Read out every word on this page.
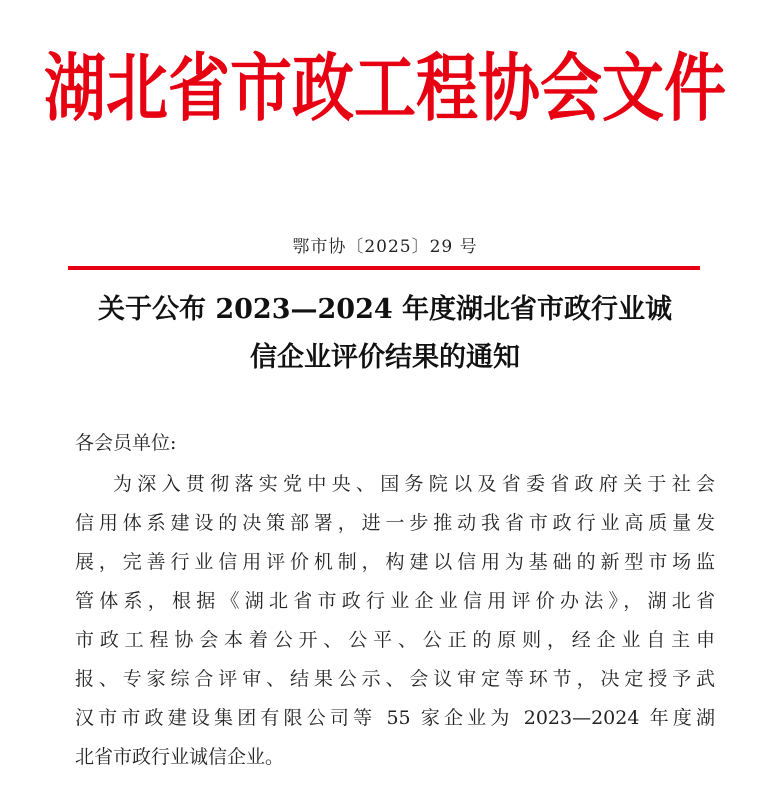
湖北省市政工程协会文件
鄂市协〔2025〕29 号
关于公布 2023—2024 年度湖北省市政行业诚
信企业评价结果的通知
各会员单位:
为深入贯彻落实党中央、国务院以及省委省政府关于社会
信用体系建设的决策部署，进一步推动我省市政行业高质量发
展，完善行业信用评价机制，构建以信用为基础的新型市场监
管体系，根据《湖北省市政行业企业信用评价办法》，湖北省
市政工程协会本着公开、公平、公正的原则，经企业自主申
报、专家综合评审、结果公示、会议审定等环节，决定授予武
汉市市政建设集团有限公司等 55 家企业为 2023—2024 年度湖
北省市政行业诚信企业。
